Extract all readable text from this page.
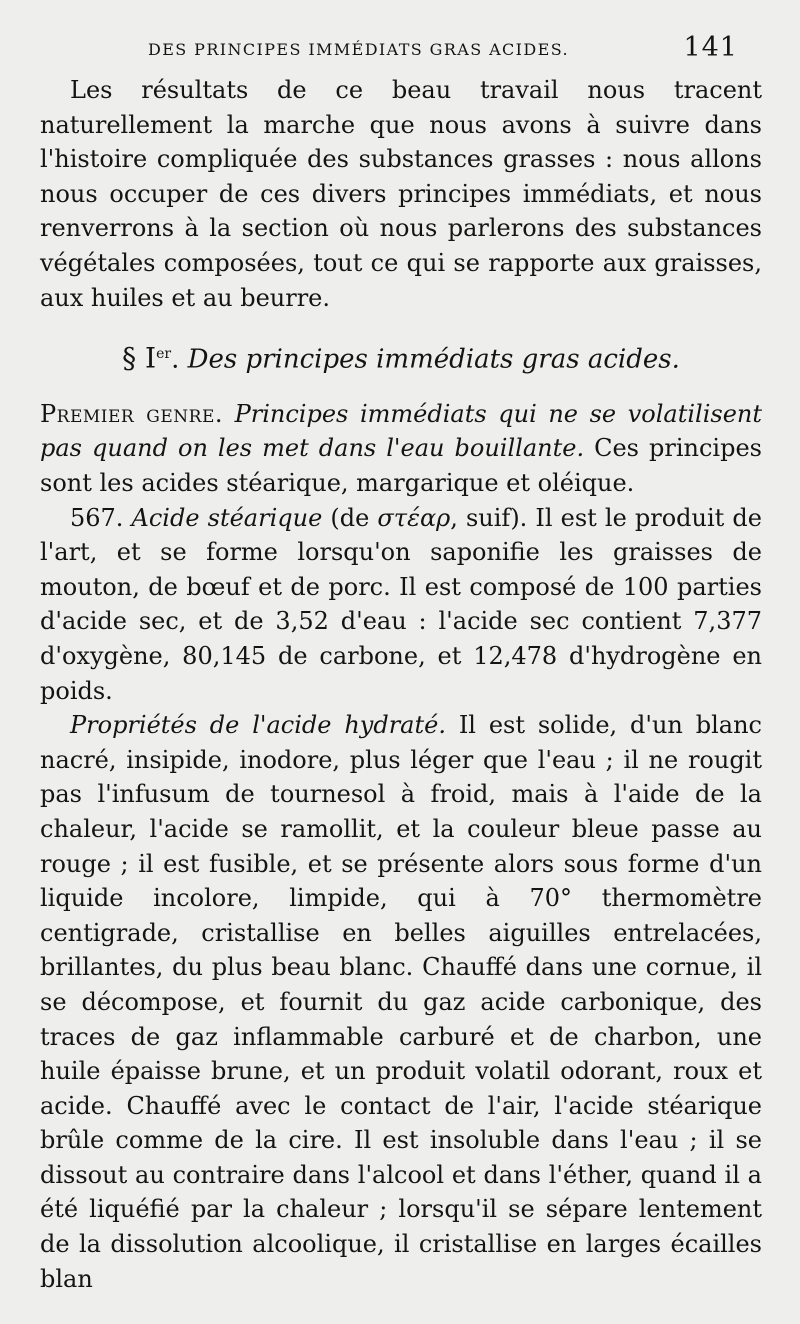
DES PRINCIPES IMMÉDIATS GRAS ACIDES.	141

Les résultats de ce beau travail nous tracent naturellement la marche que nous avons à suivre dans l'histoire compliquée des substances grasses : nous allons nous occuper de ces divers principes immédiats, et nous renverrons à la section où nous parlerons des substances végétales composées, tout ce qui se rapporte aux graisses, aux huiles et au beurre.

§ Ier. Des principes immédiats gras acides.

Premier genre. Principes immédiats qui ne se volatilisent pas quand on les met dans l'eau bouillante. Ces principes sont les acides stéarique, margarique et oléique.

567. Acide stéarique (de στέαρ, suif). Il est le produit de l'art, et se forme lorsqu'on saponifie les graisses de mouton, de bœuf et de porc. Il est composé de 100 parties d'acide sec, et de 3,52 d'eau : l'acide sec contient 7,377 d'oxygène, 80,145 de carbone, et 12,478 d'hydrogène en poids.

Propriétés de l'acide hydraté. Il est solide, d'un blanc nacré, insipide, inodore, plus léger que l'eau ; il ne rougit pas l'infusum de tournesol à froid, mais à l'aide de la chaleur, l'acide se ramollit, et la couleur bleue passe au rouge ; il est fusible, et se présente alors sous forme d'un liquide incolore, limpide, qui à 70° thermomètre centigrade, cristallise en belles aiguilles entrelacées, brillantes, du plus beau blanc. Chauffé dans une cornue, il se décompose, et fournit du gaz acide carbonique, des traces de gaz inflammable carburé et de charbon, une huile épaisse brune, et un produit volatil odorant, roux et acide. Chauffé avec le contact de l'air, l'acide stéarique brûle comme de la cire. Il est insoluble dans l'eau ; il se dissout au contraire dans l'alcool et dans l'éther, quand il a été liquéfié par la chaleur ; lorsqu'il se sépare lentement de la dissolution alcoolique, il cristallise en larges écailles blan
